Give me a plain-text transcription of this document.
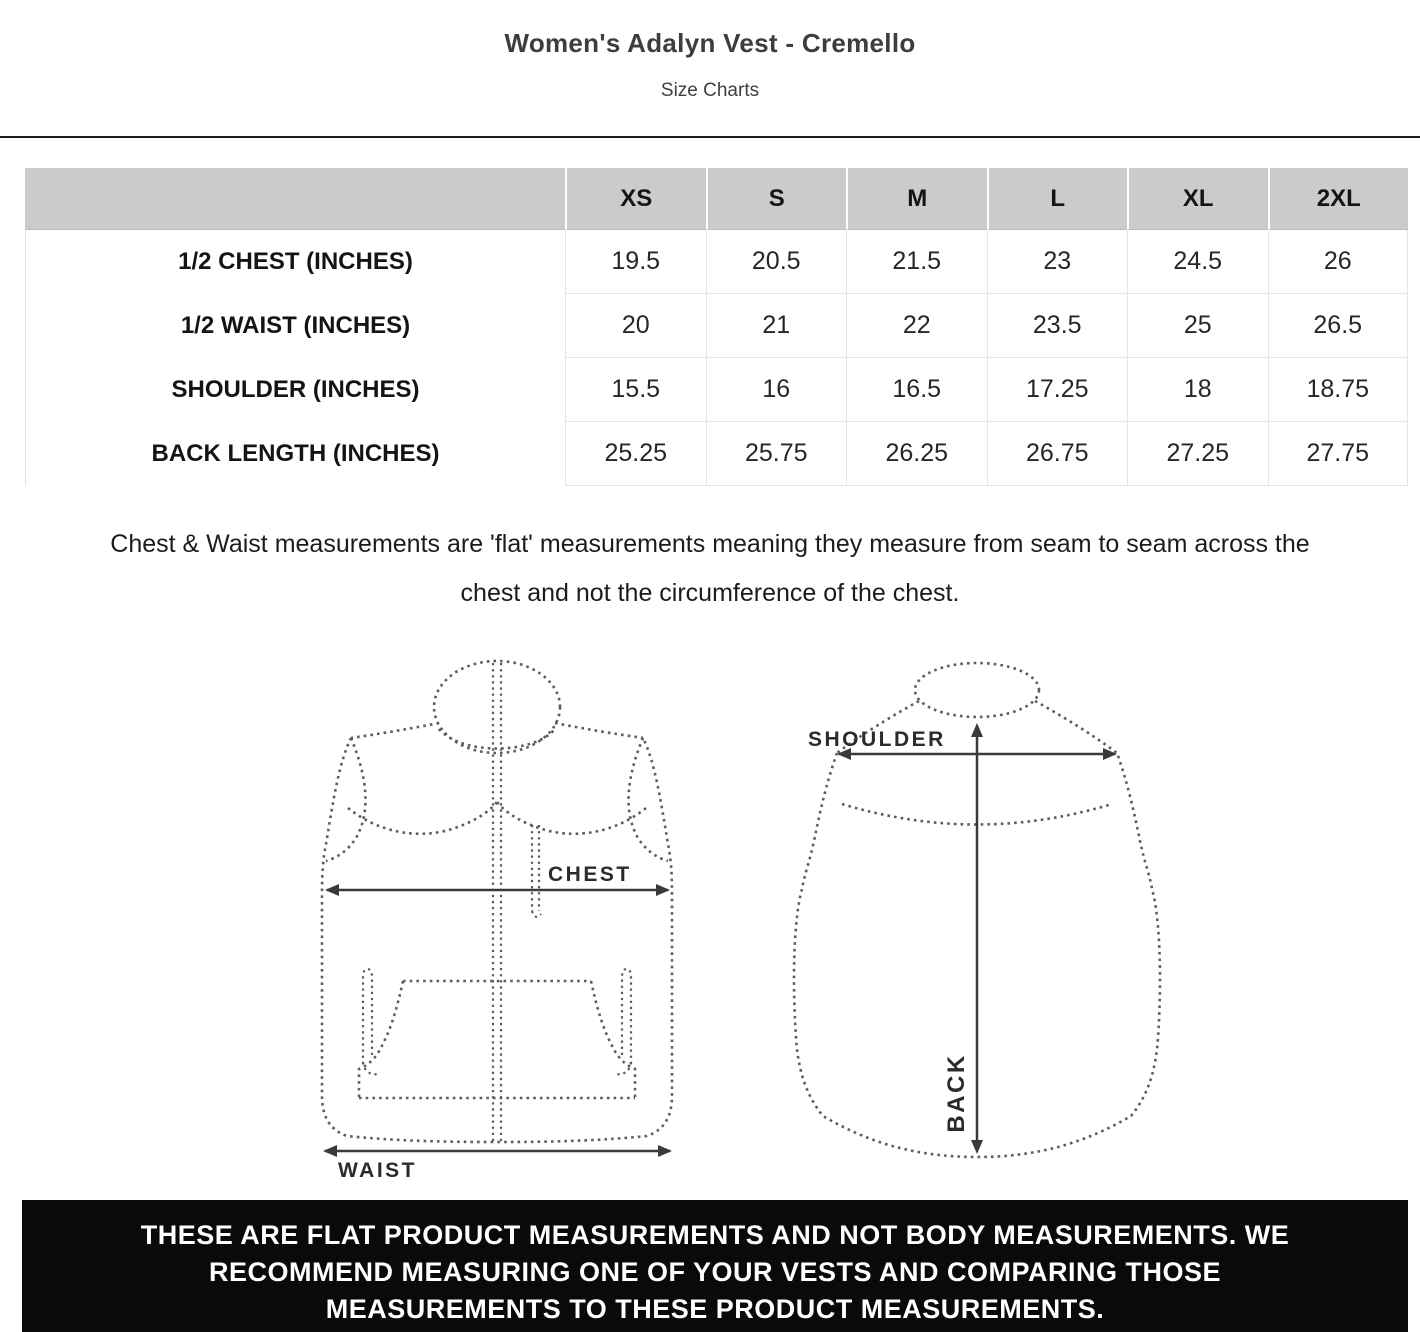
Women's Adalyn Vest - Cremello
Size Charts
	XS	S	M	L	XL	2XL
1/2 CHEST (INCHES)	19.5	20.5	21.5	23	24.5	26
1/2 WAIST (INCHES)	20	21	22	23.5	25	26.5
SHOULDER (INCHES)	15.5	16	16.5	17.25	18	18.75
BACK LENGTH (INCHES)	25.25	25.75	26.25	26.75	27.25	27.75
Chest & Waist measurements are 'flat' measurements meaning they measure from seam to seam across the
chest and not the circumference of the chest.
CHEST
WAIST
SHOULDER
BACK
THESE ARE FLAT PRODUCT MEASUREMENTS AND NOT BODY MEASUREMENTS. WE
RECOMMEND MEASURING ONE OF YOUR VESTS AND COMPARING THOSE
MEASUREMENTS TO THESE PRODUCT MEASUREMENTS.
